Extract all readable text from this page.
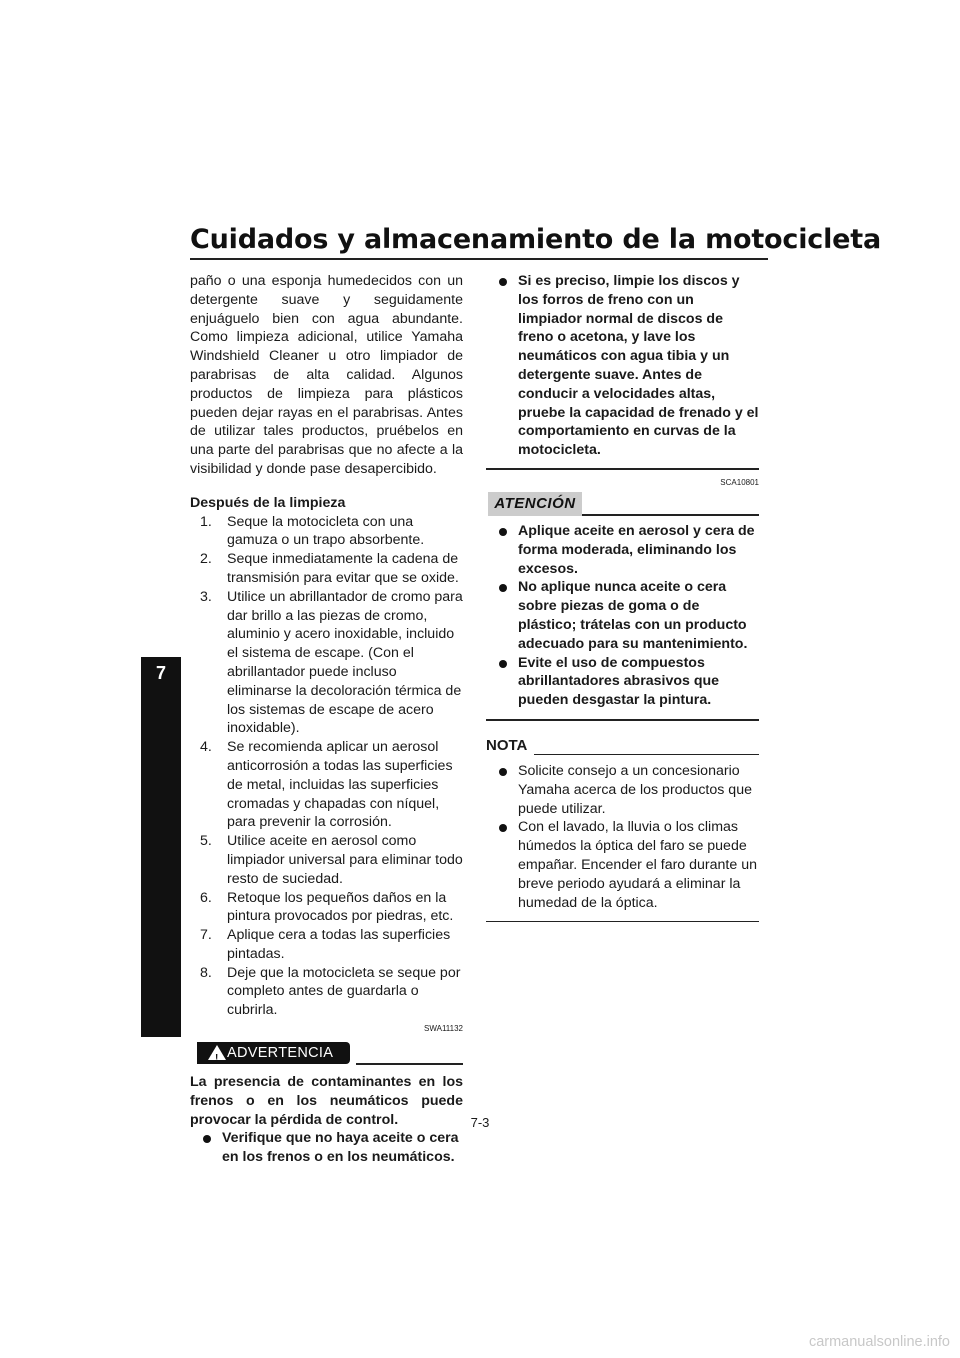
Cuidados y almacenamiento de la motocicleta
7

paño o una esponja humedecidos con un detergente suave y seguidamente enjuáguelo bien con agua abundante. Como limpieza adicional, utilice Yamaha Windshield Cleaner u otro limpiador de parabrisas de alta calidad. Algunos productos de limpieza para plásticos pueden dejar rayas en el parabrisas. Antes de utilizar tales productos, pruébelos en una parte del parabrisas que no afecte a la visibilidad y donde pase desapercibido.

Después de la limpieza

1. Seque la motocicleta con una gamuza o un trapo absorbente.
2. Seque inmediatamente la cadena de transmisión para evitar que se oxide.
3. Utilice un abrillantador de cromo para dar brillo a las piezas de cromo, aluminio y acero inoxidable, incluido el sistema de escape. (Con el abrillantador puede incluso eliminarse la decoloración térmica de los sistemas de escape de acero inoxidable).
4. Se recomienda aplicar un aerosol anticorrosión a todas las superficies de metal, incluidas las superficies cromadas y chapadas con níquel, para prevenir la corrosión.
5. Utilice aceite en aerosol como limpiador universal para eliminar todo resto de suciedad.
6. Retoque los pequeños daños en la pintura provocados por piedras, etc.
7. Aplique cera a todas las superficies pintadas.
8. Deje que la motocicleta se seque por completo antes de guardarla o cubrirla.
SWA11132
! ADVERTENCIA

La presencia de contaminantes en los frenos o en los neumáticos puede provocar la pérdida de control.

Verifique que no haya aceite o cera en los frenos o en los neumáticos.
Si es preciso, limpie los discos y los forros de freno con un limpiador normal de discos de freno o acetona, y lave los neumáticos con agua tibia y un detergente suave. Antes de conducir a velocidades altas, pruebe la capacidad de frenado y el comportamiento en curvas de la motocicleta.
SCA10801
ATENCIÓN
Aplique aceite en aerosol y cera de forma moderada, eliminando los excesos.
No aplique nunca aceite o cera sobre piezas de goma o de plástico; trátelas con un producto adecuado para su mantenimiento.
Evite el uso de compuestos abrillantadores abrasivos que pueden desgastar la pintura.
NOTA
Solicite consejo a un concesionario Yamaha acerca de los productos que puede utilizar.
Con el lavado, la lluvia o los climas húmedos la óptica del faro se puede empañar. Encender el faro durante un breve periodo ayudará a eliminar la humedad de la óptica.
7-3
carmanualsonline.info
